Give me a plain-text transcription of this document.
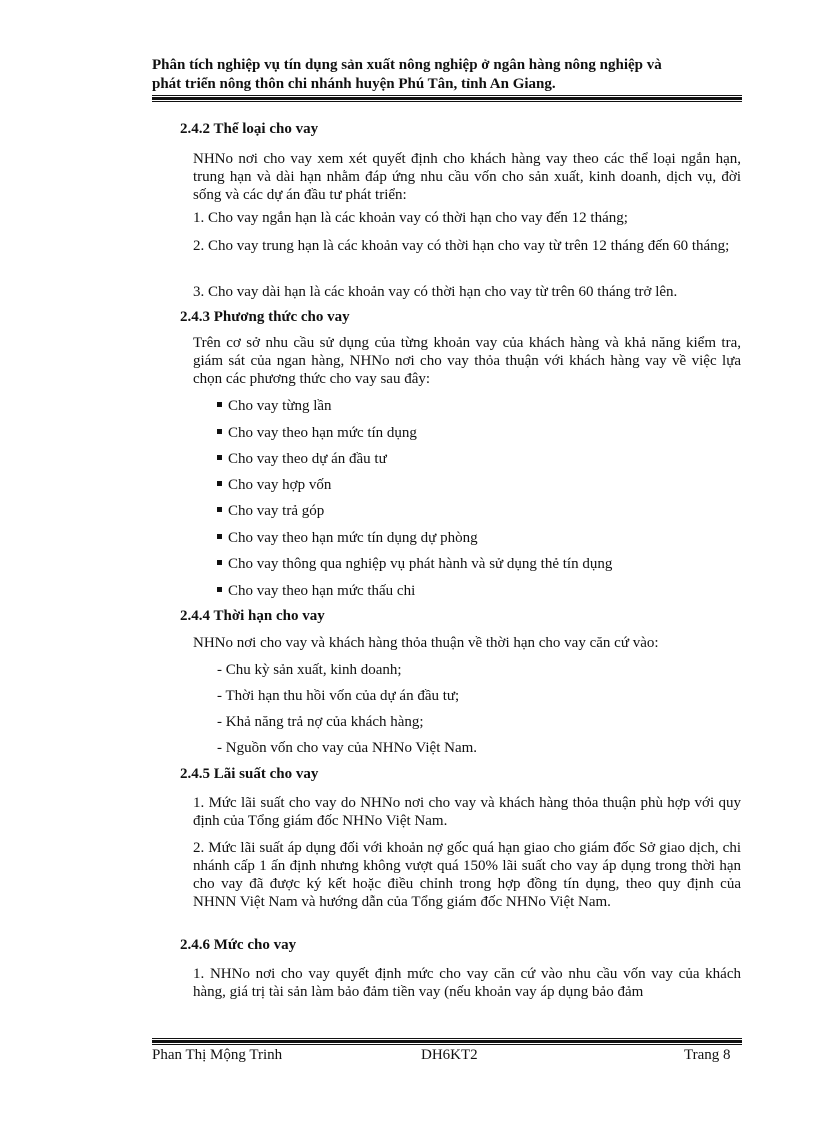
Phân tích nghiệp vụ tín dụng sản xuất nông nghiệp ở ngân hàng nông nghiệp và
phát triển nông thôn chi nhánh huyện Phú Tân, tỉnh An Giang.
2.4.2 Thể loại cho vay
NHNo nơi cho vay xem xét quyết định cho khách hàng vay theo các thể loại ngắn hạn, trung hạn và dài hạn nhằm đáp ứng nhu cầu vốn cho sản xuất, kinh doanh, dịch vụ, đời sống và các dự án đầu tư phát triển:
1. Cho vay ngắn hạn là các khoản vay có thời hạn cho vay đến 12 tháng;
2. Cho vay trung hạn là các khoản vay có thời hạn cho vay từ trên 12 tháng đến 60 tháng;
3. Cho vay dài hạn là các khoản vay có thời hạn cho vay từ trên 60 tháng trở lên.
2.4.3 Phương thức cho vay
Trên cơ sở nhu cầu sử dụng của từng khoản vay của khách hàng và khả năng kiểm tra, giám sát của ngan hàng, NHNo nơi cho vay thỏa thuận với khách hàng vay về việc lựa chọn các phương thức cho vay sau đây:
Cho vay từng lần
Cho vay theo hạn mức tín dụng
Cho vay theo dự án đầu tư
Cho vay hợp vốn
Cho vay trả góp
Cho vay theo hạn mức tín dụng dự phòng
Cho vay thông qua nghiệp vụ phát hành và sử dụng thẻ tín dụng
Cho vay theo hạn mức thấu chi
2.4.4 Thời hạn cho vay
NHNo nơi cho vay và khách hàng thỏa thuận về thời hạn cho vay căn cứ vào:
- Chu kỳ sản xuất, kinh doanh;
- Thời hạn thu hồi vốn của dự án đầu tư;
- Khả năng trả nợ của khách hàng;
- Nguồn vốn cho vay của NHNo Việt Nam.
2.4.5 Lãi suất cho vay
1. Mức lãi suất cho vay do NHNo nơi cho vay và khách hàng thỏa thuận phù hợp với quy định của Tổng giám đốc NHNo Việt Nam.
2. Mức lãi suất áp dụng đối với khoản nợ gốc quá hạn giao cho giám đốc Sở giao dịch, chi nhánh cấp 1 ấn định nhưng không vượt quá 150% lãi suất cho vay áp dụng trong thời hạn cho vay đã được ký kết hoặc điều chỉnh trong hợp đồng tín dụng, theo quy định của NHNN Việt Nam và hướng dẫn của Tổng giám đốc NHNo Việt Nam.
2.4.6 Mức cho vay
1. NHNo nơi cho vay quyết định mức cho vay căn cứ vào nhu cầu vốn vay của khách hàng, giá trị tài sản làm bảo đảm tiền vay (nếu khoản vay áp dụng bảo đảm
Phan Thị Mộng Trinh	DH6KT2	Trang 8
